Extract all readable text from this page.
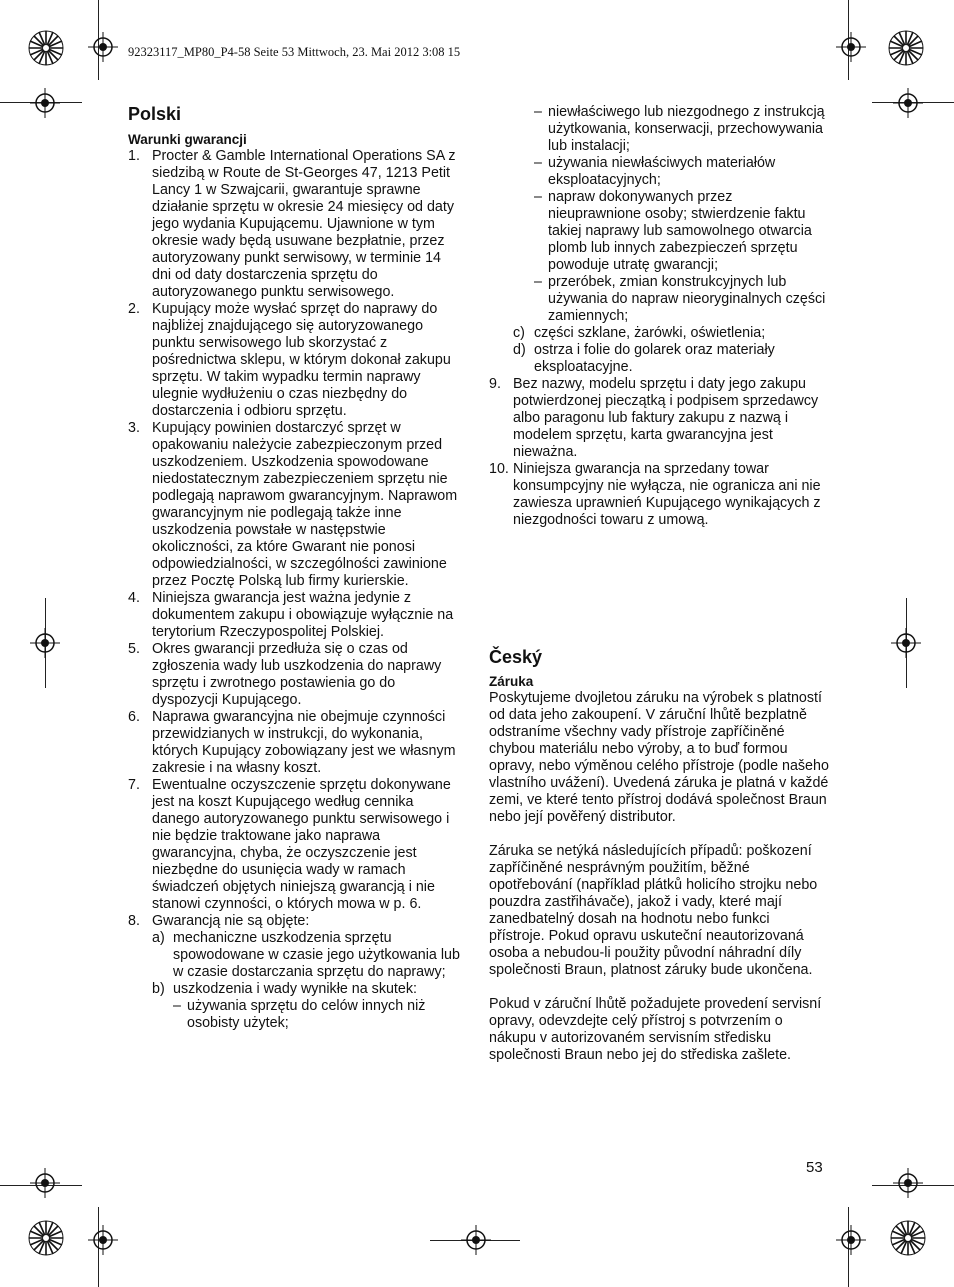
92323117_MP80_P4-58 Seite 53 Mittwoch, 23. Mai 2012 3:08 15
Polski
Warunki gwarancji
1. Procter & Gamble International Operations SA z siedzibą w Route de St-Georges 47, 1213 Petit Lancy 1 w Szwajcarii, gwarantuje sprawne działanie sprzętu w okresie 24 miesięcy od daty jego wydania Kupującemu. Ujawnione w tym okresie wady będą usuwane bezpłatnie, przez autoryzowany punkt serwisowy, w terminie 14 dni od daty dostarczenia sprzętu do autoryzowanego punktu serwisowego.
2. Kupujący może wysłać sprzęt do naprawy do najbliżej znajdującego się autoryzowanego punktu serwisowego lub skorzystać z pośrednictwa sklepu, w którym dokonał zakupu sprzętu. W takim wypadku termin naprawy ulegnie wydłużeniu o czas niezbędny do dostarczenia i odbioru sprzętu.
3. Kupujący powinien dostarczyć sprzęt w opakowaniu należycie zabezpieczonym przed uszkodzeniem. Uszkodzenia spowodowane niedostatecznym zabezpieczeniem sprzętu nie podlegają naprawom gwarancyjnym. Naprawom gwarancyjnym nie podlegają także inne uszkodzenia powstałe w następstwie okoliczności, za które Gwarant nie ponosi odpowiedzialności, w szczególności zawinione przez Pocztę Polską lub firmy kurierskie.
4. Niniejsza gwarancja jest ważna jedynie z dokumentem zakupu i obowiązuje wyłącznie na terytorium Rzeczypospolitej Polskiej.
5. Okres gwarancji przedłuża się o czas od zgłoszenia wady lub uszkodzenia do naprawy sprzętu i zwrotnego postawienia go do dyspozycji Kupującego.
6. Naprawa gwarancyjna nie obejmuje czynności przewidzianych w instrukcji, do wykonania, których Kupujący zobowiązany jest we własnym zakresie i na własny koszt.
7. Ewentualne oczyszczenie sprzętu dokonywane jest na koszt Kupującego według cennika danego autoryzowanego punktu serwisowego i nie będzie traktowane jako naprawa gwarancyjna, chyba, że oczyszczenie jest niezbędne do usunięcia wady w ramach świadczeń objętych niniejszą gwarancją i nie stanowi czynności, o których mowa w p. 6.
8. Gwarancją nie są objęte:
a) mechaniczne uszkodzenia sprzętu spowodowane w czasie jego użytkowania lub w czasie dostarczania sprzętu do naprawy;
b) uszkodzenia i wady wynikłe na skutek:
– używania sprzętu do celów innych niż osobisty użytek;
– niewłaściwego lub niezgodnego z instrukcją użytkowania, konserwacji, przechowywania lub instalacji;
– używania niewłaściwych materiałów eksploatacyjnych;
– napraw dokonywanych przez nieuprawnione osoby; stwierdzenie faktu takiej naprawy lub samowolnego otwarcia plomb lub innych zabezpieczeń sprzętu powoduje utratę gwarancji;
– przeróbek, zmian konstrukcyjnych lub używania do napraw nieoryginalnych części zamiennych;
c) części szklane, żarówki, oświetlenia;
d) ostrza i folie do golarek oraz materiały eksploatacyjne.
9. Bez nazwy, modelu sprzętu i daty jego zakupu potwierdzonej pieczątką i podpisem sprzedawcy albo paragonu lub faktury zakupu z nazwą i modelem sprzętu, karta gwarancyjna jest nieważna.
10. Niniejsza gwarancja na sprzedany towar konsumpcyjny nie wyłącza, nie ogranicza ani nie zawiesza uprawnień Kupującego wynikających z niezgodności towaru z umową.
Český
Záruka

Poskytujeme dvojletou záruku na výrobek s platností od data jeho zakoupení. V záruční lhůtě bezplatně odstraníme všechny vady přístroje zapříčiněné chybou materiálu nebo výroby, a to buď formou opravy, nebo výměnou celého přístroje (podle našeho vlastního uvážení). Uvedená záruka je platná v každé zemi, ve které tento přístroj dodává společnost Braun nebo její pověřený distributor.

Záruka se netýká následujících případů: poškození zapříčiněné nesprávným použitím, běžné opotřebování (například plátků holicího strojku nebo pouzdra zastřihávače), jakož i vady, které mají zanedbatelný dosah na hodnotu nebo funkci přístroje. Pokud opravu uskuteční neautorizovaná osoba a nebudou-li použity původní náhradní díly společnosti Braun, platnost záruky bude ukončena.

Pokud v záruční lhůtě požadujete provedení servisní opravy, odevzdejte celý přístroj s potvrzením o nákupu v autorizovaném servisním středisku společnosti Braun nebo jej do střediska zašlete.

53
